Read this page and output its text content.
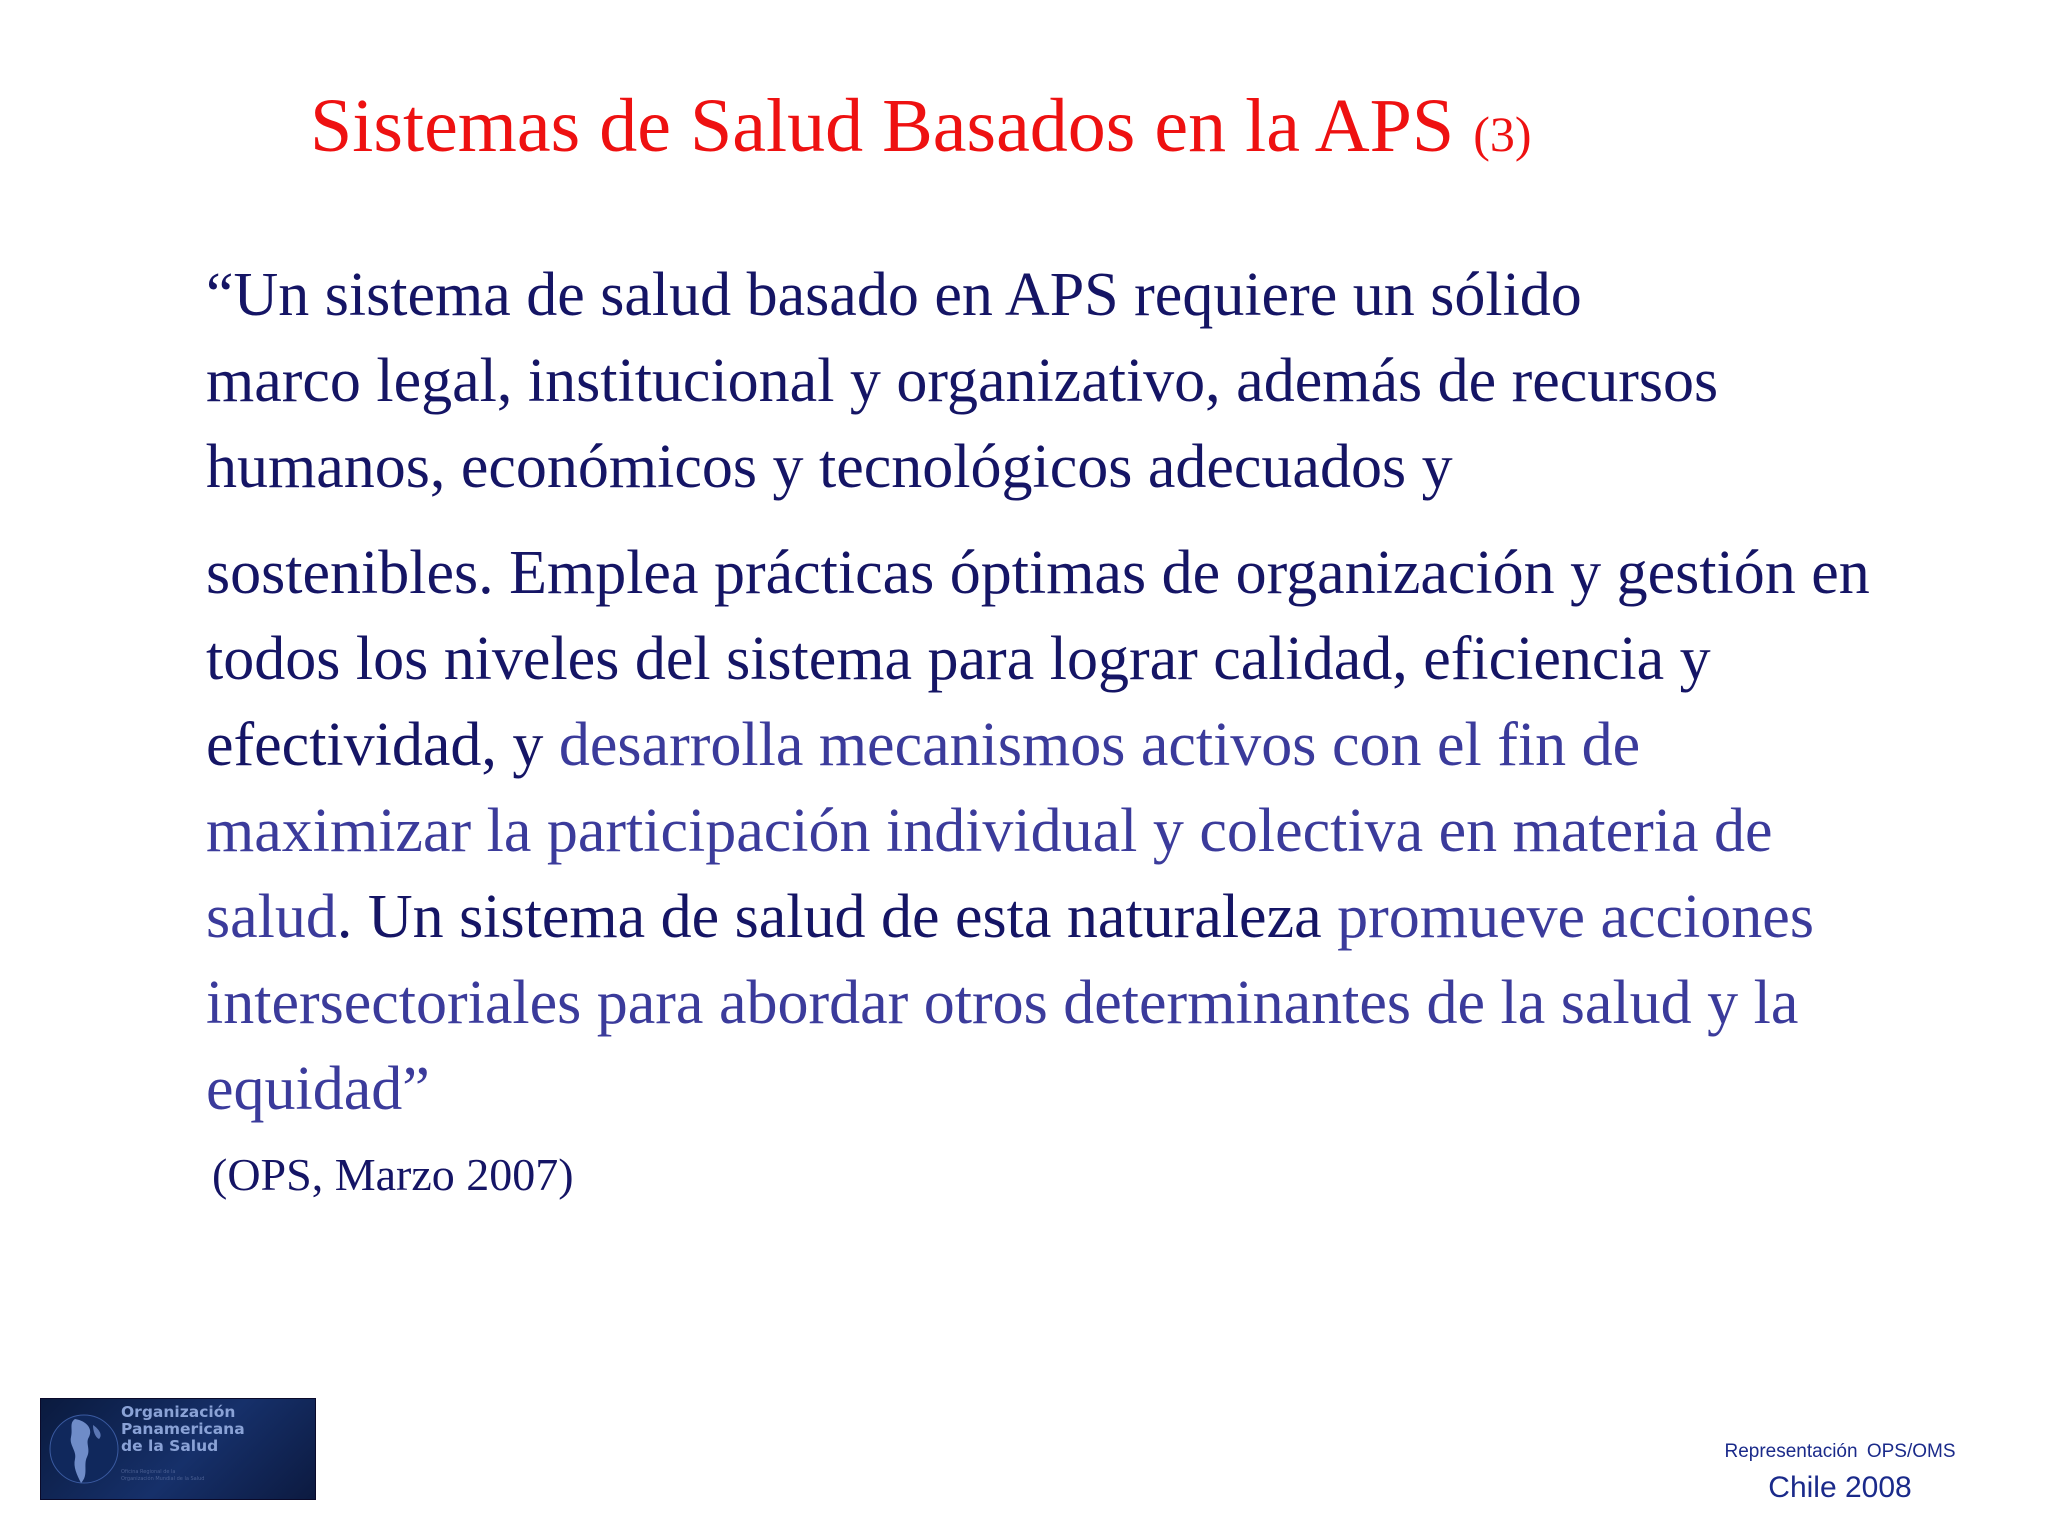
Sistemas de Salud Basados en la APS (3)

“Un sistema de salud basado en APS requiere un sólido
marco legal, institucional y organizativo, además de recursos
humanos, económicos y tecnológicos adecuados y

sostenibles. Emplea prácticas óptimas de organización y gestión en todos los niveles del sistema para lograr calidad, eficiencia y efectividad, y desarrolla mecanismos activos con el fin de maximizar la participación individual y colectiva en materia de salud. Un sistema de salud de esta naturaleza promueve acciones intersectoriales para abordar otros determinantes de la salud y la equidad”

(OPS, Marzo 2007)
Organización
Panamericana
de la Salud
Oficina Regional de la
Organización Mundial de la Salud
Representación OPS/OMS
Chile 2008
